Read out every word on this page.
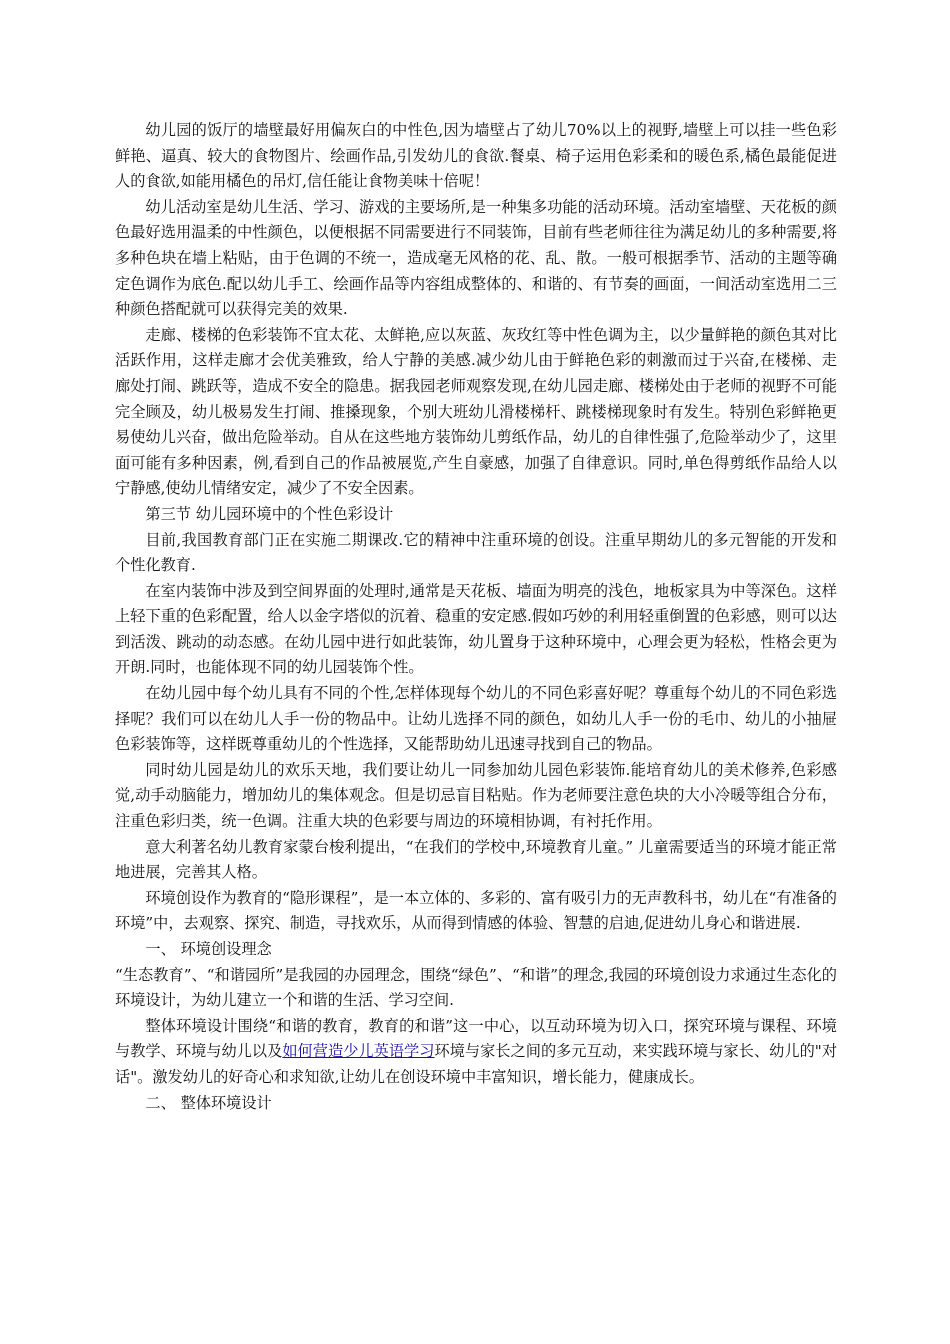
幼儿园的饭厅的墙壁最好用偏灰白的中性色,因为墙壁占了幼儿70%以上的视野,墙壁上可以挂一些色彩鲜艳、逼真、较大的食物图片、绘画作品,引发幼儿的食欲.餐桌、椅子运用色彩柔和的暖色系,橘色最能促进人的食欲,如能用橘色的吊灯,信任能让食物美味十倍呢！

幼儿活动室是幼儿生活、学习、游戏的主要场所,是一种集多功能的活动环境。活动室墙壁、天花板的颜色最好选用温柔的中性颜色，以便根据不同需要进行不同装饰，目前有些老师往往为满足幼儿的多种需要,将多种色块在墙上粘贴，由于色调的不统一，造成毫无风格的花、乱、散。一般可根据季节、活动的主题等确定色调作为底色.配以幼儿手工、绘画作品等内容组成整体的、和谐的、有节奏的画面，一间活动室选用二三种颜色搭配就可以获得完美的效果.

走廊、楼梯的色彩装饰不宜太花、太鲜艳,应以灰蓝、灰玫红等中性色调为主，以少量鲜艳的颜色其对比活跃作用，这样走廊才会优美雅致，给人宁静的美感.减少幼儿由于鲜艳色彩的刺激而过于兴奋,在楼梯、走廊处打闹、跳跃等，造成不安全的隐患。据我园老师观察发现,在幼儿园走廊、楼梯处由于老师的视野不可能完全顾及，幼儿极易发生打闹、推搡现象，个别大班幼儿滑楼梯杆、跳楼梯现象时有发生。特别色彩鲜艳更易使幼儿兴奋，做出危险举动。自从在这些地方装饰幼儿剪纸作品，幼儿的自律性强了,危险举动少了，这里面可能有多种因素，例,看到自己的作品被展览,产生自豪感，加强了自律意识。同时,单色得剪纸作品给人以宁静感,使幼儿情绪安定，减少了不安全因素。

第三节 幼儿园环境中的个性色彩设计

目前,我国教育部门正在实施二期课改.它的精神中注重环境的创设。注重早期幼儿的多元智能的开发和个性化教育.

在室内装饰中涉及到空间界面的处理时,通常是天花板、墙面为明亮的浅色，地板家具为中等深色。这样上轻下重的色彩配置，给人以金字塔似的沉着、稳重的安定感.假如巧妙的利用轻重倒置的色彩感，则可以达到活泼、跳动的动态感。在幼儿园中进行如此装饰，幼儿置身于这种环境中，心理会更为轻松，性格会更为开朗.同时，也能体现不同的幼儿园装饰个性。

在幼儿园中每个幼儿具有不同的个性,怎样体现每个幼儿的不同色彩喜好呢？尊重每个幼儿的不同色彩选择呢？我们可以在幼儿人手一份的物品中。让幼儿选择不同的颜色，如幼儿人手一份的毛巾、幼儿的小抽屉色彩装饰等，这样既尊重幼儿的个性选择，又能帮助幼儿迅速寻找到自己的物品。

同时幼儿园是幼儿的欢乐天地，我们要让幼儿一同参加幼儿园色彩装饰.能培育幼儿的美术修养,色彩感觉,动手动脑能力，增加幼儿的集体观念。但是切忌盲目粘贴。作为老师要注意色块的大小冷暖等组合分布，注重色彩归类，统一色调。注重大块的色彩要与周边的环境相协调，有衬托作用。

意大利著名幼儿教育家蒙台梭利提出，“在我们的学校中,环境教育儿童。” 儿童需要适当的环境才能正常地进展，完善其人格。

环境创设作为教育的“隐形课程”，是一本立体的、多彩的、富有吸引力的无声教科书，幼儿在“有准备的环境”中，去观察、探究、制造，寻找欢乐，从而得到情感的体验、智慧的启迪,促进幼儿身心和谐进展.

一、 环境创设理念

“生态教育”、“和谐园所”是我园的办园理念，围绕“绿色”、“和谐”的理念,我园的环境创设力求通过生态化的环境设计，为幼儿建立一个和谐的生活、学习空间.

整体环境设计围绕“和谐的教育，教育的和谐”这一中心，以互动环境为切入口，探究环境与课程、环境与教学、环境与幼儿以及如何营造少儿英语学习环境与家长之间的多元互动，来实践环境与家长、幼儿的"对话"。激发幼儿的好奇心和求知欲,让幼儿在创设环境中丰富知识，增长能力，健康成长。

二、 整体环境设计
